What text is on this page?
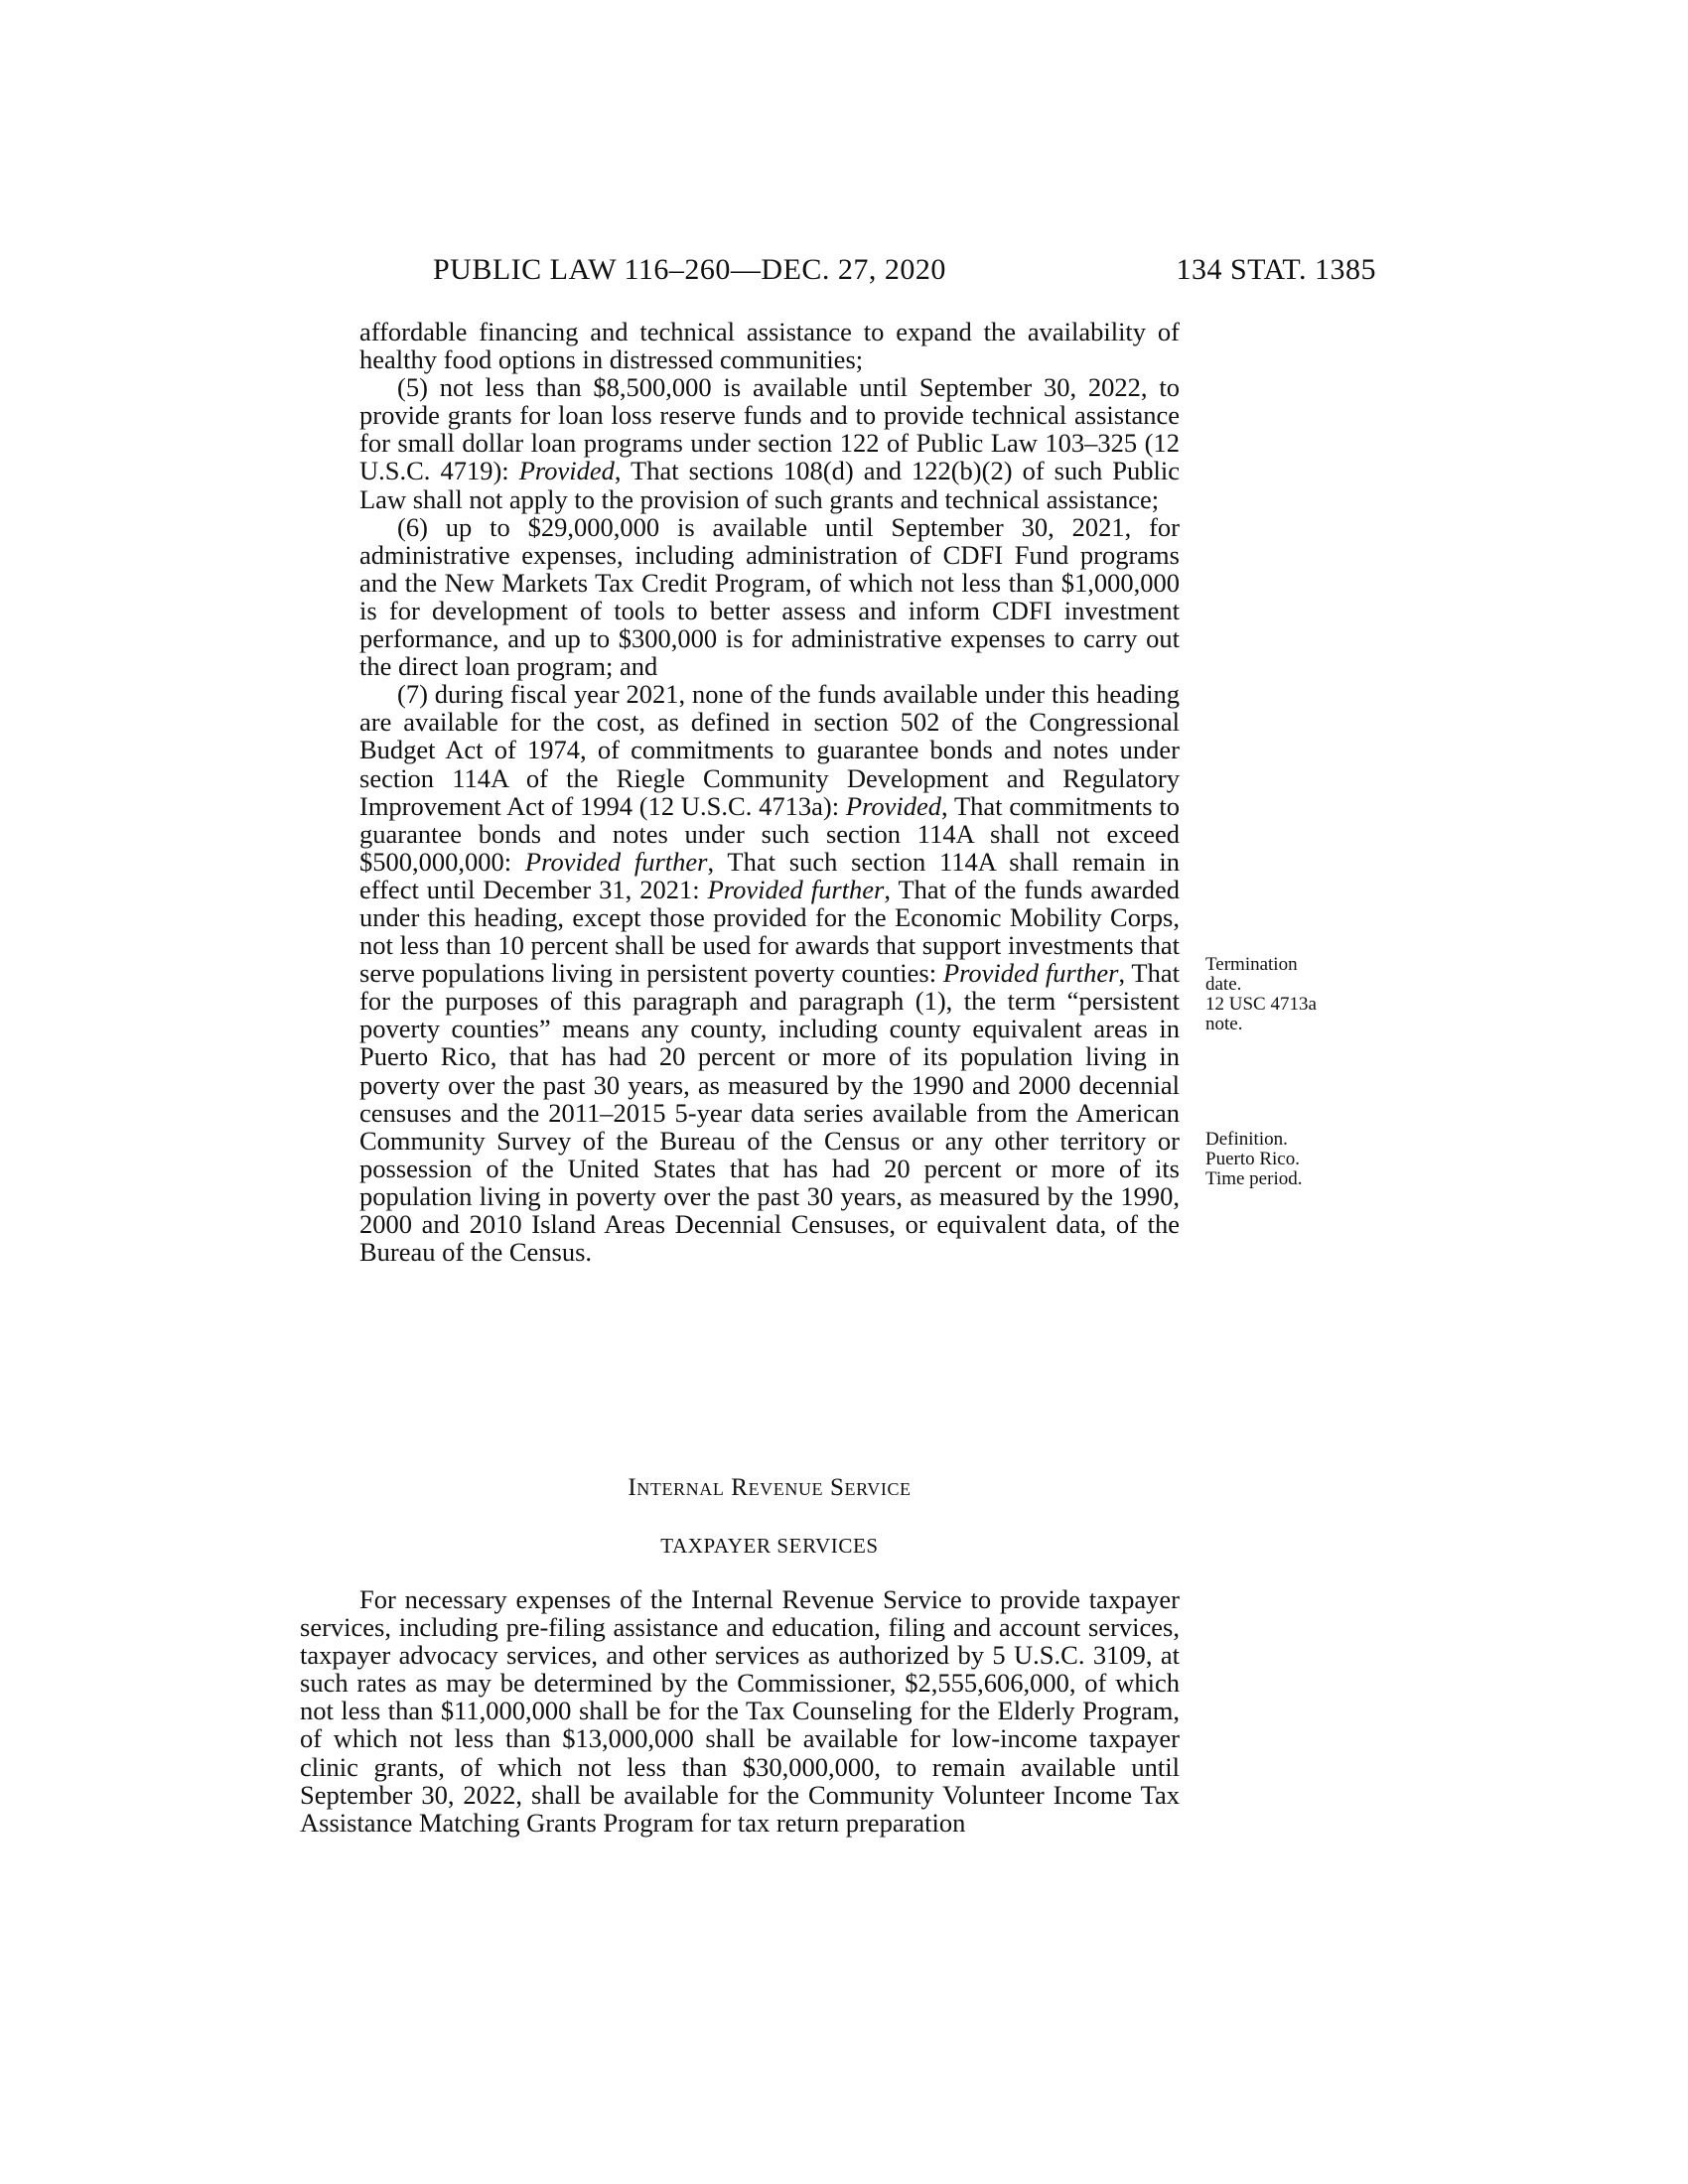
PUBLIC LAW 116–260—DEC. 27, 2020	134 STAT. 1385

affordable financing and technical assistance to expand the availability of healthy food options in distressed communities;

(5) not less than $8,500,000 is available until September 30, 2022, to provide grants for loan loss reserve funds and to provide technical assistance for small dollar loan programs under section 122 of Public Law 103–325 (12 U.S.C. 4719): Provided, That sections 108(d) and 122(b)(2) of such Public Law shall not apply to the provision of such grants and technical assistance;

(6) up to $29,000,000 is available until September 30, 2021, for administrative expenses, including administration of CDFI Fund programs and the New Markets Tax Credit Program, of which not less than $1,000,000 is for development of tools to better assess and inform CDFI investment performance, and up to $300,000 is for administrative expenses to carry out the direct loan program; and

(7) during fiscal year 2021, none of the funds available under this heading are available for the cost, as defined in section 502 of the Congressional Budget Act of 1974, of commitments to guarantee bonds and notes under section 114A of the Riegle Community Development and Regulatory Improvement Act of 1994 (12 U.S.C. 4713a): Provided, That commitments to guarantee bonds and notes under such section 114A shall not exceed $500,000,000: Provided further, That such section 114A shall remain in effect until December 31, 2021: Provided further, That of the funds awarded under this heading, except those provided for the Economic Mobility Corps, not less than 10 percent shall be used for awards that support investments that serve populations living in persistent poverty counties: Provided further, That for the purposes of this paragraph and paragraph (1), the term “persistent poverty counties” means any county, including county equivalent areas in Puerto Rico, that has had 20 percent or more of its population living in poverty over the past 30 years, as measured by the 1990 and 2000 decennial censuses and the 2011–2015 5-year data series available from the American Community Survey of the Bureau of the Census or any other territory or possession of the United States that has had 20 percent or more of its population living in poverty over the past 30 years, as measured by the 1990, 2000 and 2010 Island Areas Decennial Censuses, or equivalent data, of the Bureau of the Census.

Termination
date.
12 USC 4713a
note.
Definition.
Puerto Rico.
Time period.
Internal Revenue Service
TAXPAYER SERVICES

For necessary expenses of the Internal Revenue Service to provide taxpayer services, including pre-filing assistance and education, filing and account services, taxpayer advocacy services, and other services as authorized by 5 U.S.C. 3109, at such rates as may be determined by the Commissioner, $2,555,606,000, of which not less than $11,000,000 shall be for the Tax Counseling for the Elderly Program, of which not less than $13,000,000 shall be available for low-income taxpayer clinic grants, of which not less than $30,000,000, to remain available until September 30, 2022, shall be available for the Community Volunteer Income Tax Assistance Matching Grants Program for tax return preparation
